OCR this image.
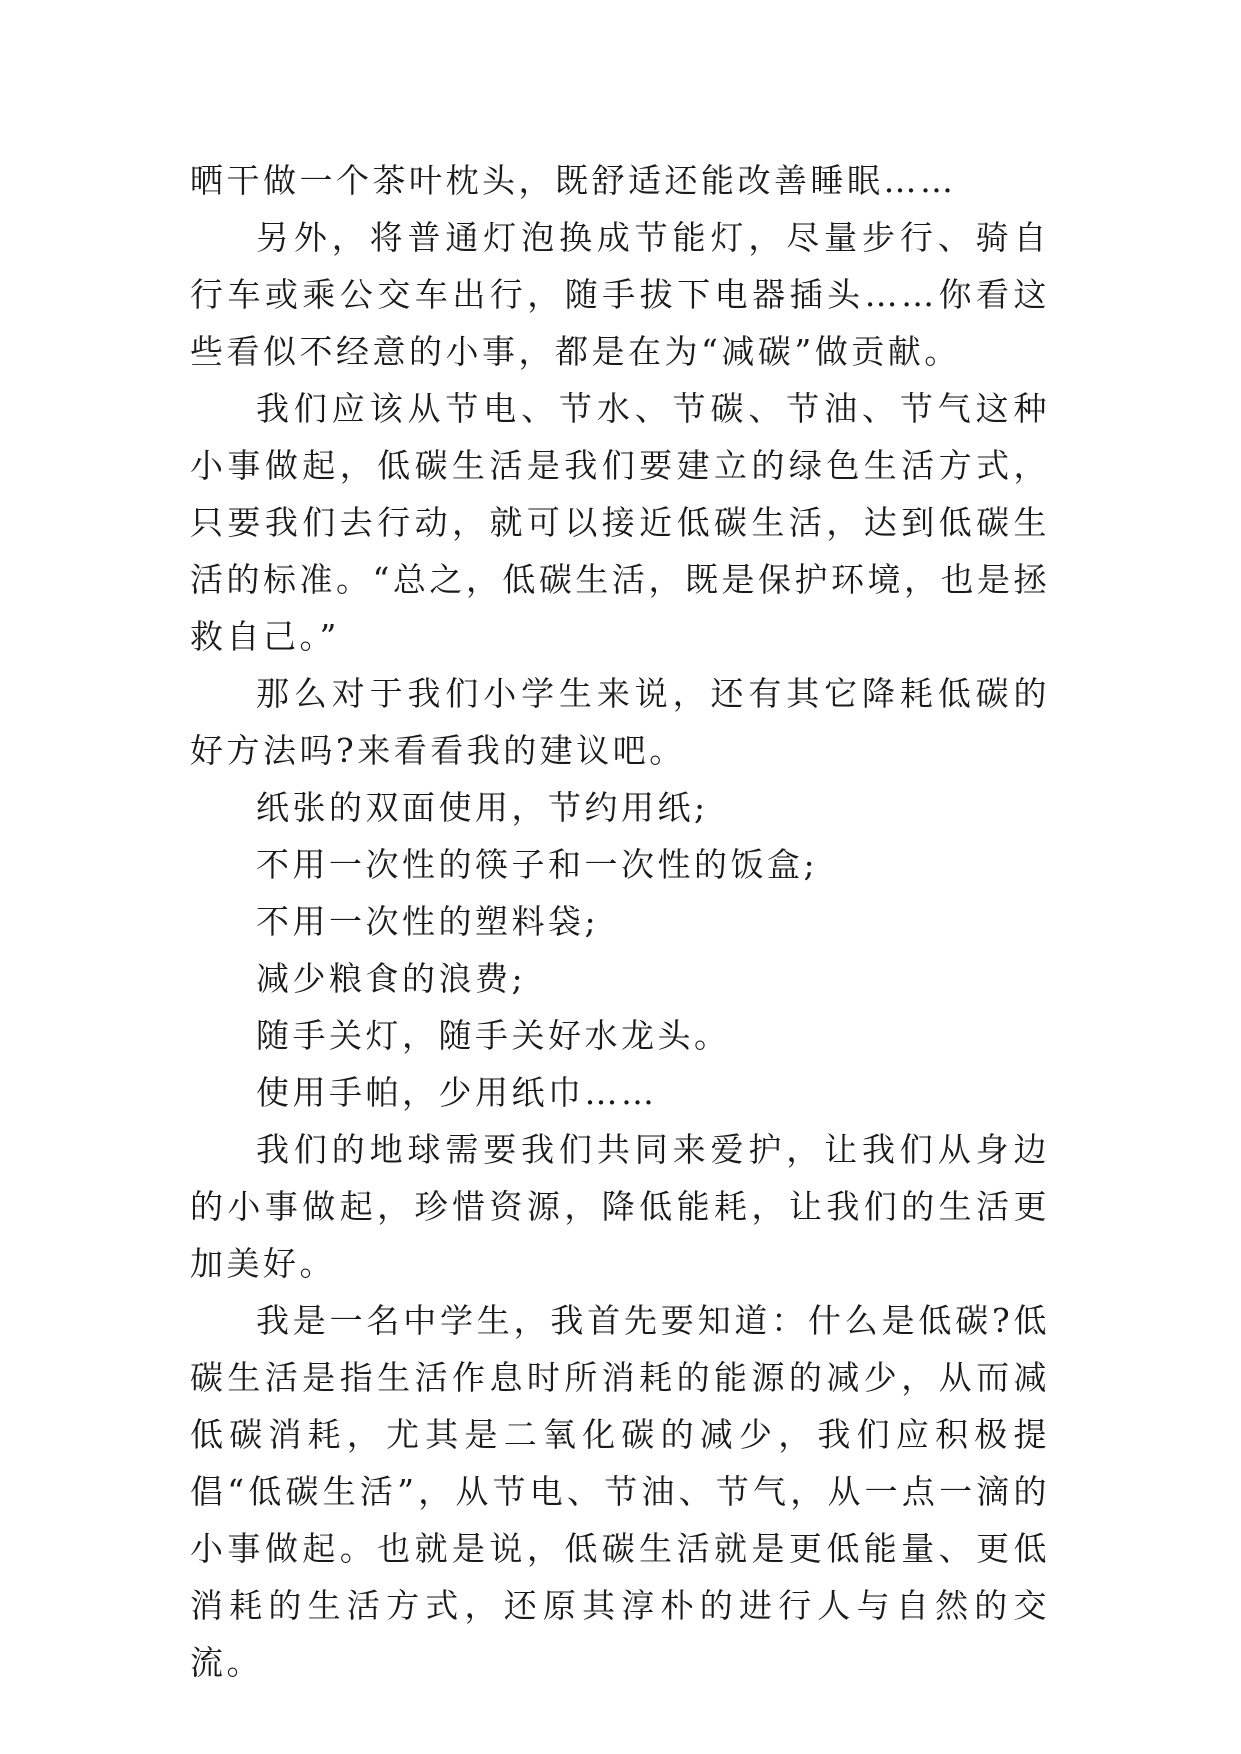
晒干做一个茶叶枕头，既舒适还能改善睡眠……

另外，将普通灯泡换成节能灯，尽量步行、骑自行车或乘公交车出行，随手拔下电器插头……你看这些看似不经意的小事，都是在为“减碳”做贡献。

我们应该从节电、节水、节碳、节油、节气这种小事做起，低碳生活是我们要建立的绿色生活方式，只要我们去行动，就可以接近低碳生活，达到低碳生活的标准。“总之，低碳生活，既是保护环境，也是拯救自己。”

那么对于我们小学生来说，还有其它降耗低碳的好方法吗?来看看我的建议吧。

纸张的双面使用，节约用纸;

不用一次性的筷子和一次性的饭盒;

不用一次性的塑料袋;

减少粮食的浪费;

随手关灯，随手关好水龙头。

使用手帕，少用纸巾……

我们的地球需要我们共同来爱护，让我们从身边的小事做起，珍惜资源，降低能耗，让我们的生活更加美好。

我是一名中学生，我首先要知道：什么是低碳?低碳生活是指生活作息时所消耗的能源的减少，从而减低碳消耗，尤其是二氧化碳的减少，我们应积极提倡“低碳生活”，从节电、节油、节气，从一点一滴的小事做起。也就是说，低碳生活就是更低能量、更低消耗的生活方式，还原其淳朴的进行人与自然的交流。
